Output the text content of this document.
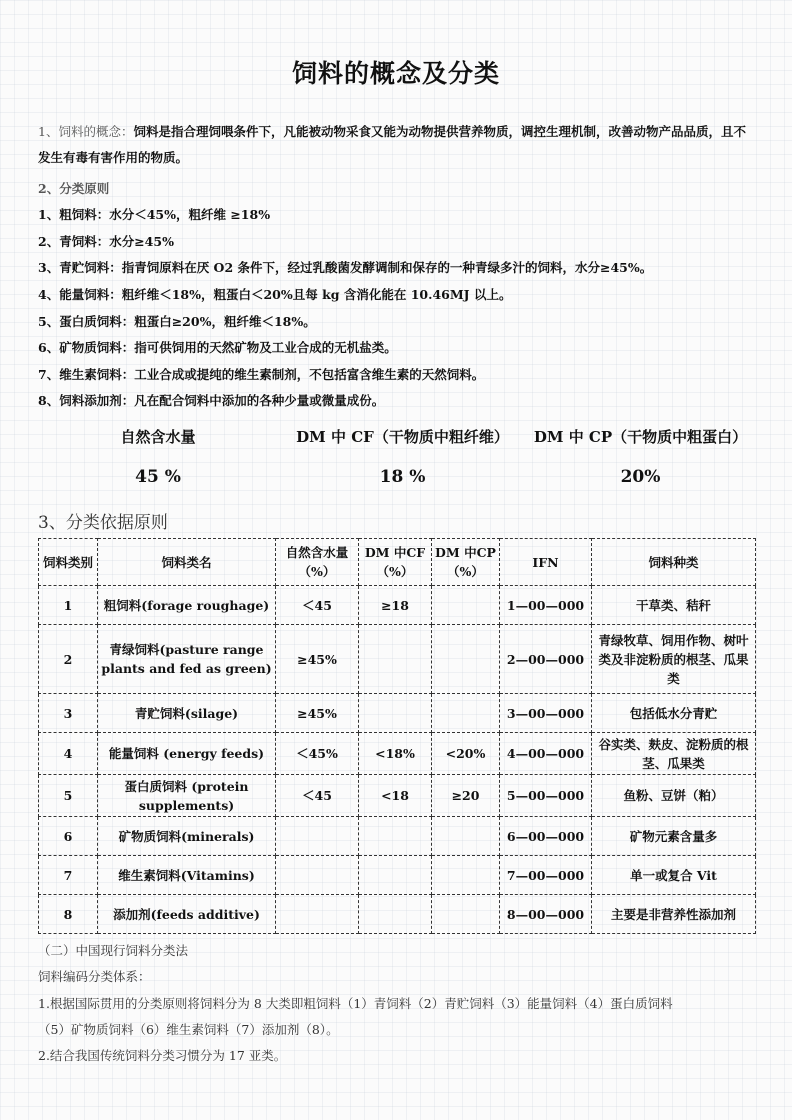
饲料的概念及分类
1、饲料的概念：饲料是指合理饲喂条件下，凡能被动物采食又能为动物提供营养物质，调控生理机制，改善动物产品品质，且不发生有毒有害作用的物质。
2、分类原则
1、粗饲料：水分＜45%，粗纤维 ≥18%
2、青饲料：水分≥45%
3、青贮饲料：指青饲原料在厌 O2 条件下，经过乳酸菌发酵调制和保存的一种青绿多汁的饲料，水分≥45%。
4、能量饲料：粗纤维＜18%，粗蛋白＜20%且每 kg 含消化能在 10.46MJ 以上。
5、蛋白质饲料：粗蛋白≥20%，粗纤维＜18%。
6、矿物质饲料：指可供饲用的天然矿物及工业合成的无机盐类。
7、维生素饲料：工业合成或提纯的维生素制剂，不包括富含维生素的天然饲料。
8、饲料添加剂：凡在配合饲料中添加的各种少量或微量成份。
自然含水量	DM 中 CF（干物质中粗纤维）	DM 中 CP（干物质中粗蛋白）
45 %	18 %	20%
3、分类依据原则
饲料类别	饲料类名	自然含水量（%）	DM 中CF（%）	DM 中CP（%）	IFN	饲料种类
1	粗饲料(forage roughage)	＜45	≥18		1—00—000	干草类、秸秆
2	青绿饲料(pasture range plants and fed as green)	≥45%			2—00—000	青绿牧草、饲用作物、树叶类及非淀粉质的根茎、瓜果类
3	青贮饲料(silage)	≥45%			3—00—000	包括低水分青贮
4	能量饲料 (energy feeds)	＜45%	<18%	<20%	4—00—000	谷实类、麸皮、淀粉质的根茎、瓜果类
5	蛋白质饲料 (protein supplements)	＜45	<18	≥20	5—00—000	鱼粉、豆饼（粕）
6	矿物质饲料(minerals)				6—00—000	矿物元素含量多
7	维生素饲料(Vitamins)				7—00—000	单一或复合 Vit
8	添加剂(feeds additive)				8—00—000	主要是非营养性添加剂
（二）中国现行饲料分类法
饲料编码分类体系：
1.根据国际贯用的分类原则将饲料分为 8 大类即粗饲料（1）青饲料（2）青贮饲料（3）能量饲料（4）蛋白质饲料
（5）矿物质饲料（6）维生素饲料（7）添加剂（8）。
2.结合我国传统饲料分类习惯分为 17 亚类。
